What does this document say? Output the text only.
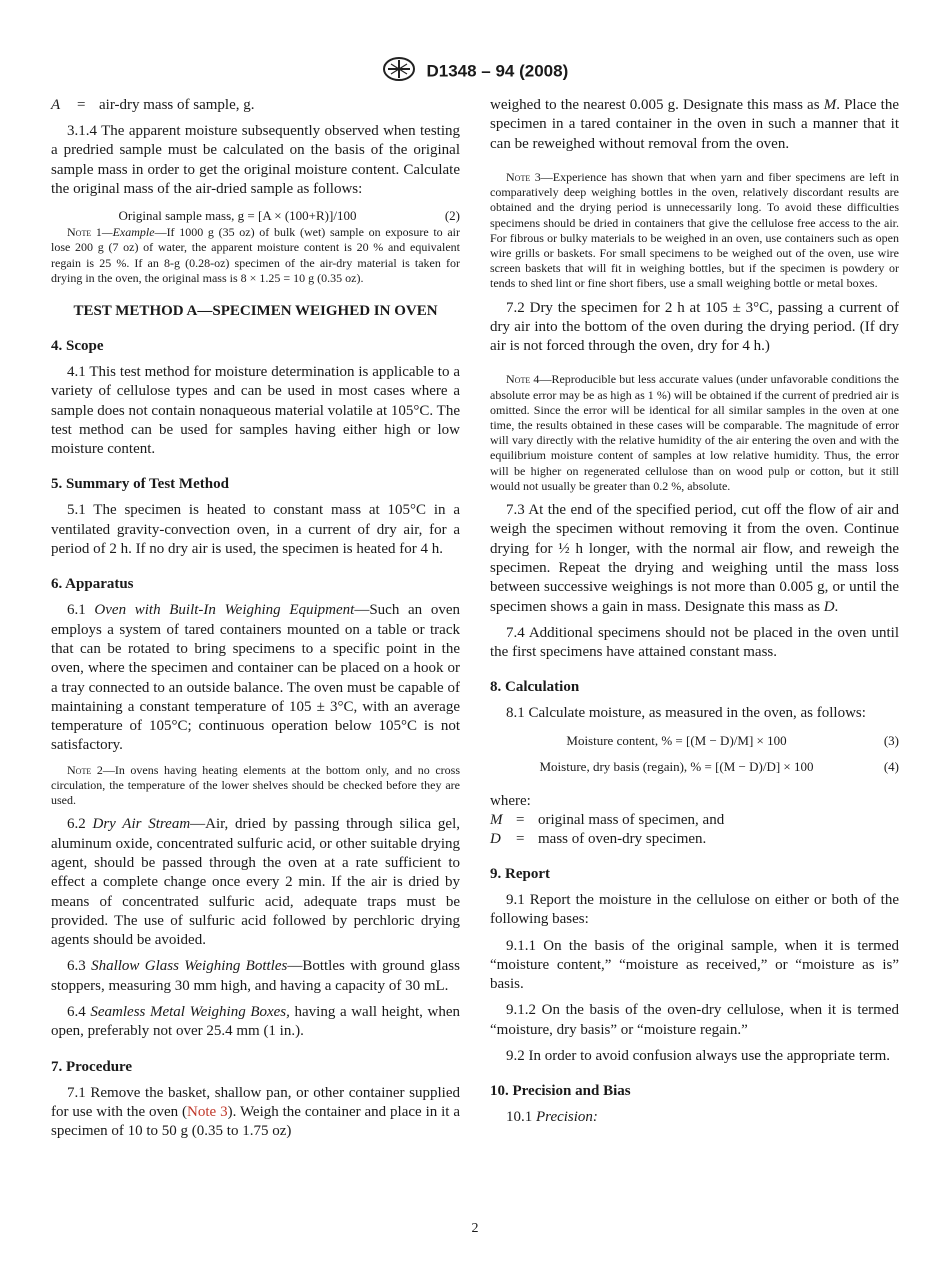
D1348 – 94 (2008)
A	= air-dry mass of sample, g.

3.1.4 The apparent moisture subsequently observed when testing a predried sample must be calculated on the basis of the original sample mass in order to get the original moisture content. Calculate the original mass of the air-dried sample as follows:

Original sample mass, g = [A × (100+R)]/100	(2)

Note 1—Example—If 1000 g (35 oz) of bulk (wet) sample on exposure to air lose 200 g (7 oz) of water, the apparent moisture content is 20 % and equivalent regain is 25 %. If an 8-g (0.28-oz) specimen of the air-dry material is taken for drying in the oven, the original mass is 8 × 1.25 = 10 g (0.35 oz).

TEST METHOD A—SPECIMEN WEIGHED IN OVEN
4. Scope

4.1 This test method for moisture determination is applicable to a variety of cellulose types and can be used in most cases where a sample does not contain nonaqueous material volatile at 105°C. The test method can be used for samples having either high or low moisture content.

5. Summary of Test Method

5.1 The specimen is heated to constant mass at 105°C in a ventilated gravity-convection oven, in a current of dry air, for a period of 2 h. If no dry air is used, the specimen is heated for 4 h.

6. Apparatus

6.1 Oven with Built-In Weighing Equipment—Such an oven employs a system of tared containers mounted on a table or track that can be rotated to bring specimens to a specific point in the oven, where the specimen and container can be placed on a hook or a tray connected to an outside balance. The oven must be capable of maintaining a constant temperature of 105 ± 3°C, with an average temperature of 105°C; continuous operation below 105°C is not satisfactory.

Note 2—In ovens having heating elements at the bottom only, and no cross circulation, the temperature of the lower shelves should be checked before they are used.

6.2 Dry Air Stream—Air, dried by passing through silica gel, aluminum oxide, concentrated sulfuric acid, or other suitable drying agent, should be passed through the oven at a rate sufficient to effect a complete change once every 2 min. If the air is dried by means of concentrated sulfuric acid, adequate traps must be provided. The use of sulfuric acid followed by perchloric drying agents should be avoided.

6.3 Shallow Glass Weighing Bottles—Bottles with ground glass stoppers, measuring 30 mm high, and having a capacity of 30 mL.

6.4 Seamless Metal Weighing Boxes, having a wall height, when open, preferably not over 25.4 mm (1 in.).

7. Procedure

7.1 Remove the basket, shallow pan, or other container supplied for use with the oven (Note 3). Weigh the container and place in it a specimen of 10 to 50 g (0.35 to 1.75 oz)

weighed to the nearest 0.005 g. Designate this mass as M. Place the specimen in a tared container in the oven in such a manner that it can be reweighed without removal from the oven.

Note 3—Experience has shown that when yarn and fiber specimens are left in comparatively deep weighing bottles in the oven, relatively discordant results are obtained and the drying period is unnecessarily long. To avoid these difficulties specimens should be dried in containers that give the cellulose free access to the air. For fibrous or bulky materials to be weighed in an oven, use containers such as open wire grills or baskets. For small specimens to be weighed out of the oven, use wire screen baskets that will fit in weighing bottles, but if the specimen is powdery or tends to shed lint or fine short fibers, use a small weighing bottle or metal boxes.

7.2 Dry the specimen for 2 h at 105 ± 3°C, passing a current of dry air into the bottom of the oven during the drying period. (If dry air is not forced through the oven, dry for 4 h.)

Note 4—Reproducible but less accurate values (under unfavorable conditions the absolute error may be as high as 1 %) will be obtained if the current of predried air is omitted. Since the error will be identical for all similar samples in the oven at one time, the results obtained in these cases will be comparable. The magnitude of error will vary directly with the relative humidity of the air entering the oven and with the equilibrium moisture content of samples at low relative humidity. Thus, the error will be higher on regenerated cellulose than on wood pulp or cotton, but it still would not usually be greater than 0.2 %, absolute.

7.3 At the end of the specified period, cut off the flow of air and weigh the specimen without removing it from the oven. Continue drying for ½ h longer, with the normal air flow, and reweigh the specimen. Repeat the drying and weighing until the mass loss between successive weighings is not more than 0.005 g, or until the specimen shows a gain in mass. Designate this mass as D.

7.4 Additional specimens should not be placed in the oven until the first specimens have attained constant mass.

8. Calculation

8.1 Calculate moisture, as measured in the oven, as follows:

Moisture content, % = [(M − D)/M] × 100	(3)
Moisture, dry basis (regain), % = [(M − D)/D] × 100	(4)

where:

M = original mass of specimen, and
D	= mass of oven-dry specimen.
9. Report

9.1 Report the moisture in the cellulose on either or both of the following bases:

9.1.1 On the basis of the original sample, when it is termed “moisture content,” “moisture as received,” or “moisture as is” basis.

9.1.2 On the basis of the oven-dry cellulose, when it is termed “moisture, dry basis” or “moisture regain.”

9.2 In order to avoid confusion always use the appropriate term.

10. Precision and Bias

10.1 Precision:

2
